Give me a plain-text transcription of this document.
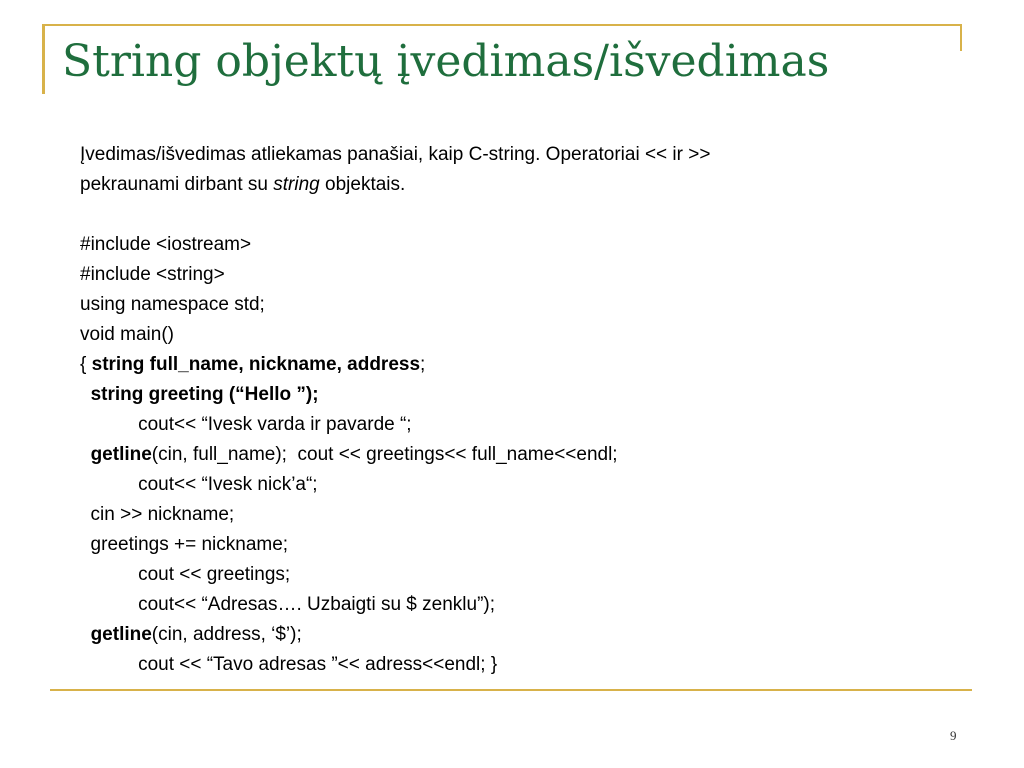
String objektų įvedimas/išvedimas
Įvedimas/išvedimas atliekamas panašiai, kaip C-string. Operatoriai << ir >>
pekraunami dirbant su string objektais.
#include <iostream>
#include <string>
using namespace std;
void main()
{ string full_name, nickname, address;
string greeting (“Hello ”);
cout<< “Ivesk varda ir pavarde “;
getline(cin, full_name);  cout << greetings<< full_name<<endl;
cout<< “Ivesk nick’a“;
cin >> nickname;
greetings += nickname;
cout << greetings;
cout<< “Adresas…. Uzbaigti su $ zenklu”);
getline(cin, address, ‘$’);
cout << “Tavo adresas ”<< adress<<endl; }
9
